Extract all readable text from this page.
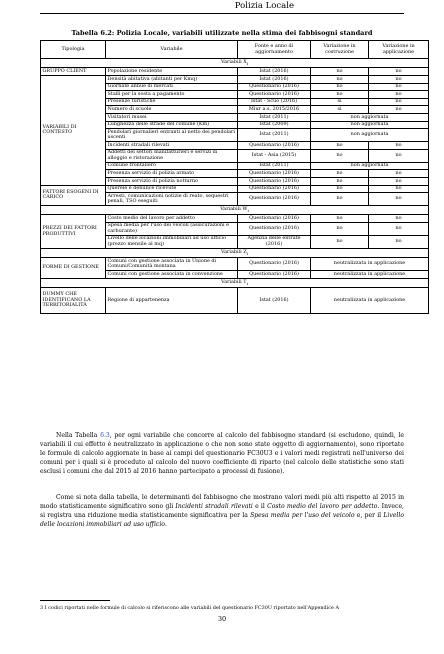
Polizia Locale
Tabella 6.2: Polizia Locale, variabili utilizzate nella stima dei fabbisogni standard
Tipologia	Variabile	Fonte e anno di aggiornamento	Variazione in costruzione	Variazione in applicazione
Variabili $X_i$
GRUPPO CLIENT	Popolazione residente	Istat (2016)	no	no
VARIABILI DI CONTESTO	Densità abitativa (abitanti per Kmq)	Istat (2016)	no	no
	Giornate annue di mercati	Questionario (2016)	no	no
	Stalli per la sosta a pagamento	Questionario (2016)	no	no
	Presenze turistiche	Istat - Scuo (2016)	sì	no
	Numero di scuole	Miur a.s. 2015/2016	sì	no
	Visitatori musei	Istat (2011)	non aggiornata	
	Lunghezza delle strade del comune (Km)	Istat (2009)	non aggiornata	
	Pendolari giornalieri entranti al netto dei pendolari uscenti	Istat (2011)	non aggiornata	
	Incidenti stradali rilevati	Questionario (2016)	no	no
	Addetti dei settori manifatturieri e servizi di alloggio e ristorazione	Istat - Asia (2015)	no	no
	Comune frontaliero	Istat (2011)	non aggiornata	
	Presenza servizio di polizia armato	Questionario (2016)	no	no
	Presenza servizio di polizia notturno	Questionario (2016)	no	no
FATTORI ESOGENI DI CARICO	Querele e denunce ricevute	Questionario (2016)	no	no
	Arresti, comunicazioni notizie di reato, sequestri penali, TSO eseguiti	Questionario (2016)	no	no
Variabili $W_i$
PREZZI DEI FATTORI PRODUTTIVI	Costo medio del lavoro per addetto	Questionario (2016)	no	no
	Spesa media per l'uso dei veicoli (assicurazioni e carburante)	Questionario (2016)	no	no
	Livello delle locazioni immobiliari ad uso ufficio (prezzo mensile al mq)	Agenzia delle entrate (2016)	no	no
Variabili $Z_i$
FORME DI GESTIONE	Comuni con gestione associata in Unione di Comuni/Comunità montana	Questionario (2016)	neutralizzata in applicazione	
	Comuni con gestione associata in convenzione	Questionario (2016)	neutralizzata in applicazione	
Variabili $T_i$
DUMMY CHE IDENTIFICANO LA TERRITORIALITÀ	Regione di appartenenza	Istat (2016)	neutralizzata in applicazione	
Nella Tabella 6.3, per ogni variabile che concorre al calcolo del fabbisogno standard (si escludono, quindi, le variabili il cui effetto è neutralizzato in applicazione o che non sono state oggetto di aggiornamento), sono riportate le formule di calcolo aggiornate in base ai campi del questionario FC30U3 e i valori medi registrati nell'universo dei comuni per i quali si è proceduto al calcolo del nuovo coefficiente di riparto (nel calcolo delle statistiche sono stati esclusi i comuni che dal 2015 al 2016 hanno partecipato a processi di fusione).
Come si nota dalla tabella, le determinanti del fabbisogno che mostrano valori medi più alti rispetto al 2015 in modo statisticamente significativo sono gli Incidenti stradali rilevati e il Costo medio del lavoro per addetto. Invece, si registra una riduzione media statisticamente significativa per la Spesa media per l'uso del veicolo e, per il Livello delle locazioni immobiliari ad uso ufficio.
3 I codici riportati nelle formule di calcolo si riferiscono alle variabili del questionario FC30U riportato nell'Appendice A
30
